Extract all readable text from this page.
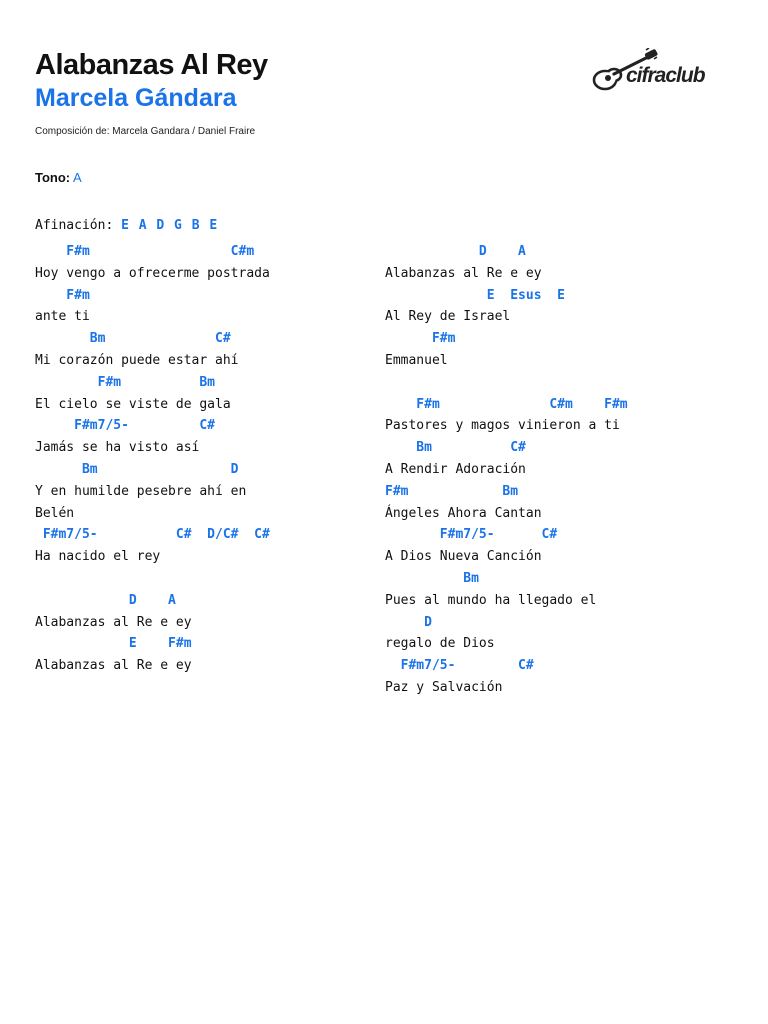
Alabanzas Al Rey
Marcela Gándara
cifraclub
Composición de: Marcela Gandara / Daniel Fraire
Tono: A
Afinación: E A D G B E
F#m                  C#m
Hoy vengo a ofrecerme postrada
F#m
ante ti
Bm              C#
Mi corazón puede estar ahí
F#m          Bm
El cielo se viste de gala
F#m7/5-         C#
Jamás se ha visto así
Bm                 D
Y en humilde pesebre ahí en
Belén
F#m7/5-          C#  D/C#  C#
Ha nacido el rey
D    A
Alabanzas al Re e ey
E    F#m
Alabanzas al Re e ey
D    A
Alabanzas al Re e ey
E  Esus  E
Al Rey de Israel
F#m
Emmanuel
F#m              C#m    F#m
Pastores y magos vinieron a ti
Bm          C#
A Rendir Adoración
F#m            Bm
Ángeles Ahora Cantan
F#m7/5-      C#
A Dios Nueva Canción
Bm
Pues al mundo ha llegado el
D
regalo de Dios
F#m7/5-        C#
Paz y Salvación
